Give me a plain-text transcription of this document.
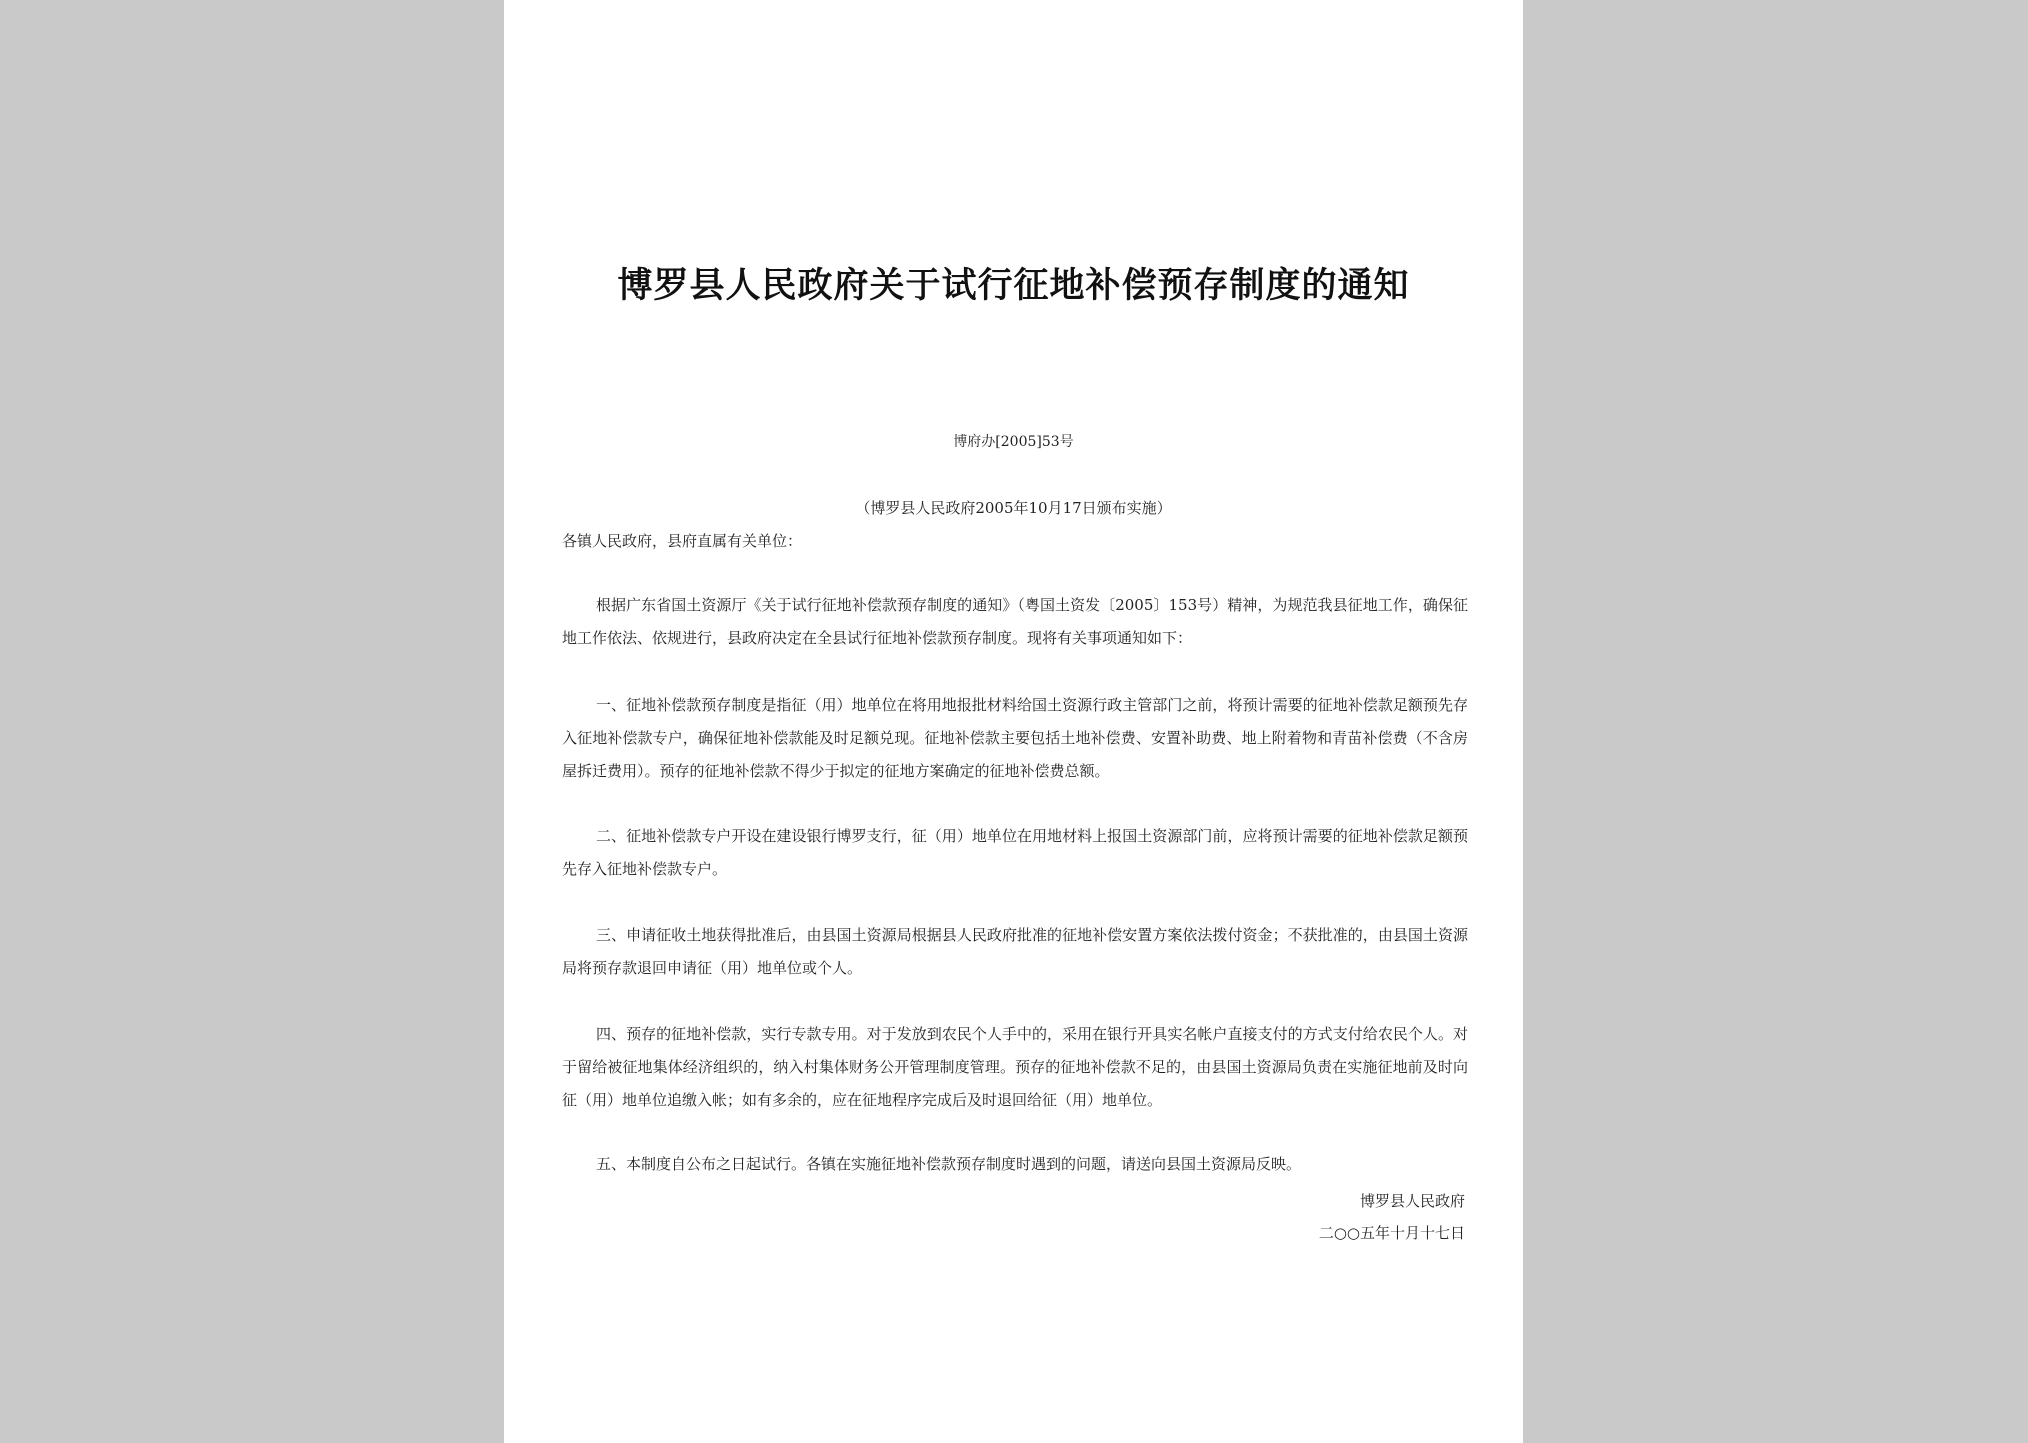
博罗县人民政府关于试行征地补偿预存制度的通知
博府办[2005]53号
（博罗县人民政府2005年10月17日颁布实施）
各镇人民政府，县府直属有关单位：
根据广东省国土资源厅《关于试行征地补偿款预存制度的通知》（粤国土资发〔2005〕153号）精神，为规范我县征地工作，确保征地工作依法、依规进行，县政府决定在全县试行征地补偿款预存制度。现将有关事项通知如下：
一、征地补偿款预存制度是指征（用）地单位在将用地报批材料给国土资源行政主管部门之前，将预计需要的征地补偿款足额预先存入征地补偿款专户，确保征地补偿款能及时足额兑现。征地补偿款主要包括土地补偿费、安置补助费、地上附着物和青苗补偿费（不含房屋拆迁费用）。预存的征地补偿款不得少于拟定的征地方案确定的征地补偿费总额。
二、征地补偿款专户开设在建设银行博罗支行，征（用）地单位在用地材料上报国土资源部门前，应将预计需要的征地补偿款足额预先存入征地补偿款专户。
三、申请征收土地获得批准后，由县国土资源局根据县人民政府批准的征地补偿安置方案依法拨付资金；不获批准的，由县国土资源局将预存款退回申请征（用）地单位或个人。
四、预存的征地补偿款，实行专款专用。对于发放到农民个人手中的，采用在银行开具实名帐户直接支付的方式支付给农民个人。对于留给被征地集体经济组织的，纳入村集体财务公开管理制度管理。预存的征地补偿款不足的，由县国土资源局负责在实施征地前及时向征（用）地单位追缴入帐；如有多余的，应在征地程序完成后及时退回给征（用）地单位。
五、本制度自公布之日起试行。各镇在实施征地补偿款预存制度时遇到的问题，请送向县国土资源局反映。
博罗县人民政府
二○○五年十月十七日
